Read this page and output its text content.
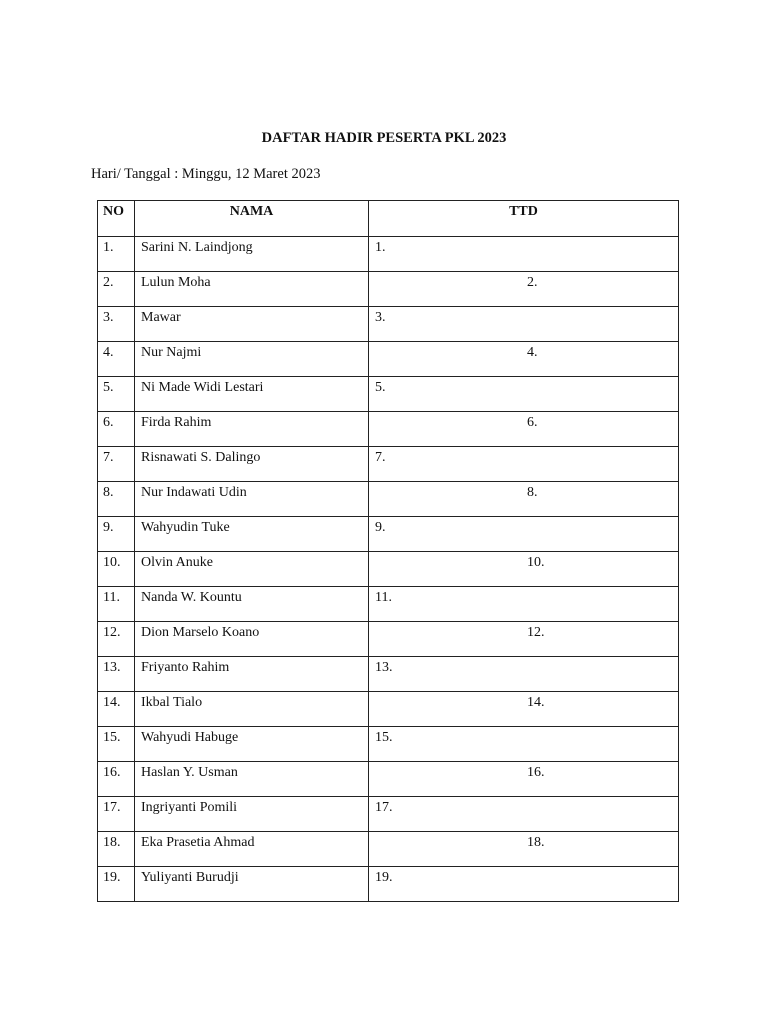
DAFTAR HADIR PESERTA PKL 2023
Hari/ Tanggal : Minggu, 12 Maret 2023
NO	NAMA	TTD
1.	Sarini N. Laindjong	1.
2.	Lulun Moha	2.
3.	Mawar	3.
4.	Nur Najmi	4.
5.	Ni Made Widi Lestari	5.
6.	Firda Rahim	6.
7.	Risnawati S. Dalingo	7.
8.	Nur Indawati Udin	8.
9.	Wahyudin Tuke	9.
10.	Olvin Anuke	10.
11.	Nanda W. Kountu	11.
12.	Dion Marselo Koano	12.
13.	Friyanto Rahim	13.
14.	Ikbal Tialo	14.
15.	Wahyudi Habuge	15.
16.	Haslan Y. Usman	16.
17.	Ingriyanti Pomili	17.
18.	Eka Prasetia Ahmad	18.
19.	Yuliyanti Burudji	19.
